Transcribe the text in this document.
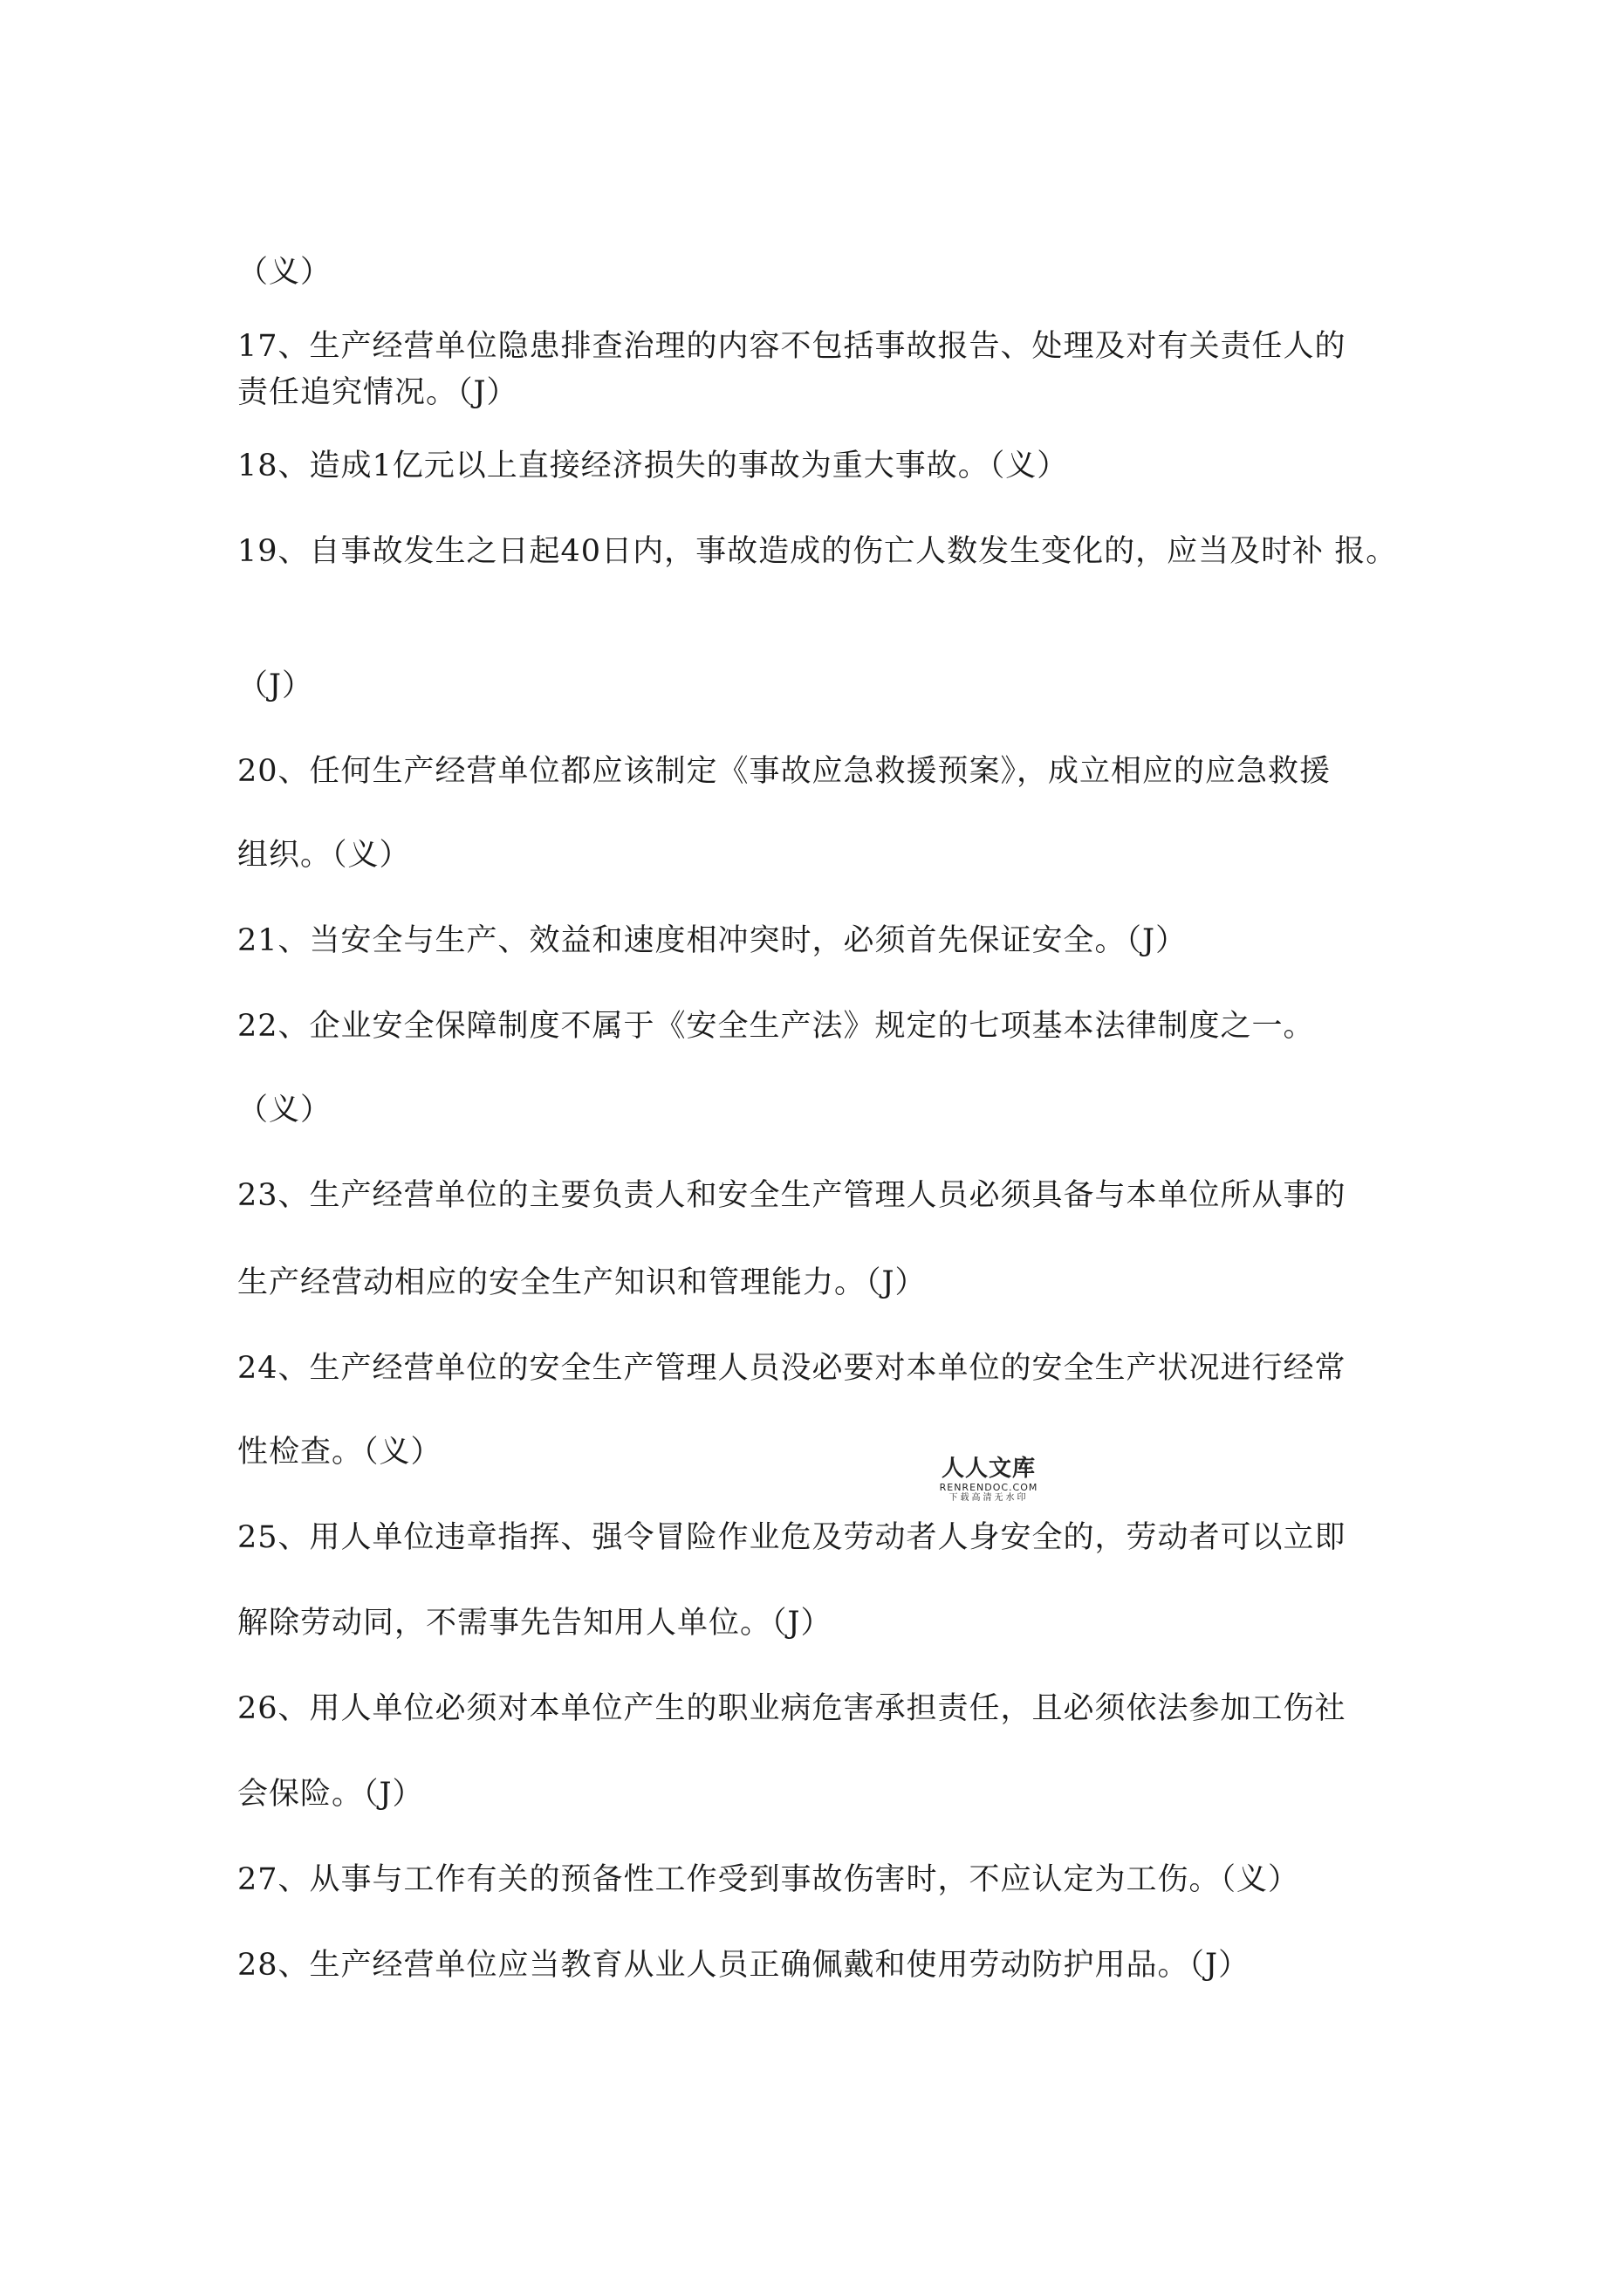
（义）
17、生产经营单位隐患排查治理的内容不包括事故报告、处理及对有关责任人的
责任追究情况。（J）
18、造成1亿元以上直接经济损失的事故为重大事故。（义）
19、自事故发生之日起40日内，事故造成的伤亡人数发生变化的，应当及时补 报。
（J）
20、任何生产经营单位都应该制定《事故应急救援预案》，成立相应的应急救援
组织。（义）
21、当安全与生产、效益和速度相冲突时，必须首先保证安全。（J）
22、企业安全保障制度不属于《安全生产法》规定的七项基本法律制度之一。
（义）
23、生产经营单位的主要负责人和安全生产管理人员必须具备与本单位所从事的
生产经营动相应的安全生产知识和管理能力。（J）
24、生产经营单位的安全生产管理人员没必要对本单位的安全生产状况进行经常
性检查。（义）
25、用人单位违章指挥、强令冒险作业危及劳动者人身安全的，劳动者可以立即
解除劳动同，不需事先告知用人单位。（J）
26、用人单位必须对本单位产生的职业病危害承担责任，且必须依法参加工伤社
会保险。（J）
27、从事与工作有关的预备性工作受到事故伤害时，不应认定为工伤。（义）
28、生产经营单位应当教育从业人员正确佩戴和使用劳动防护用品。（J）
人人文库
RENRENDOC.COM
下载高清无水印
